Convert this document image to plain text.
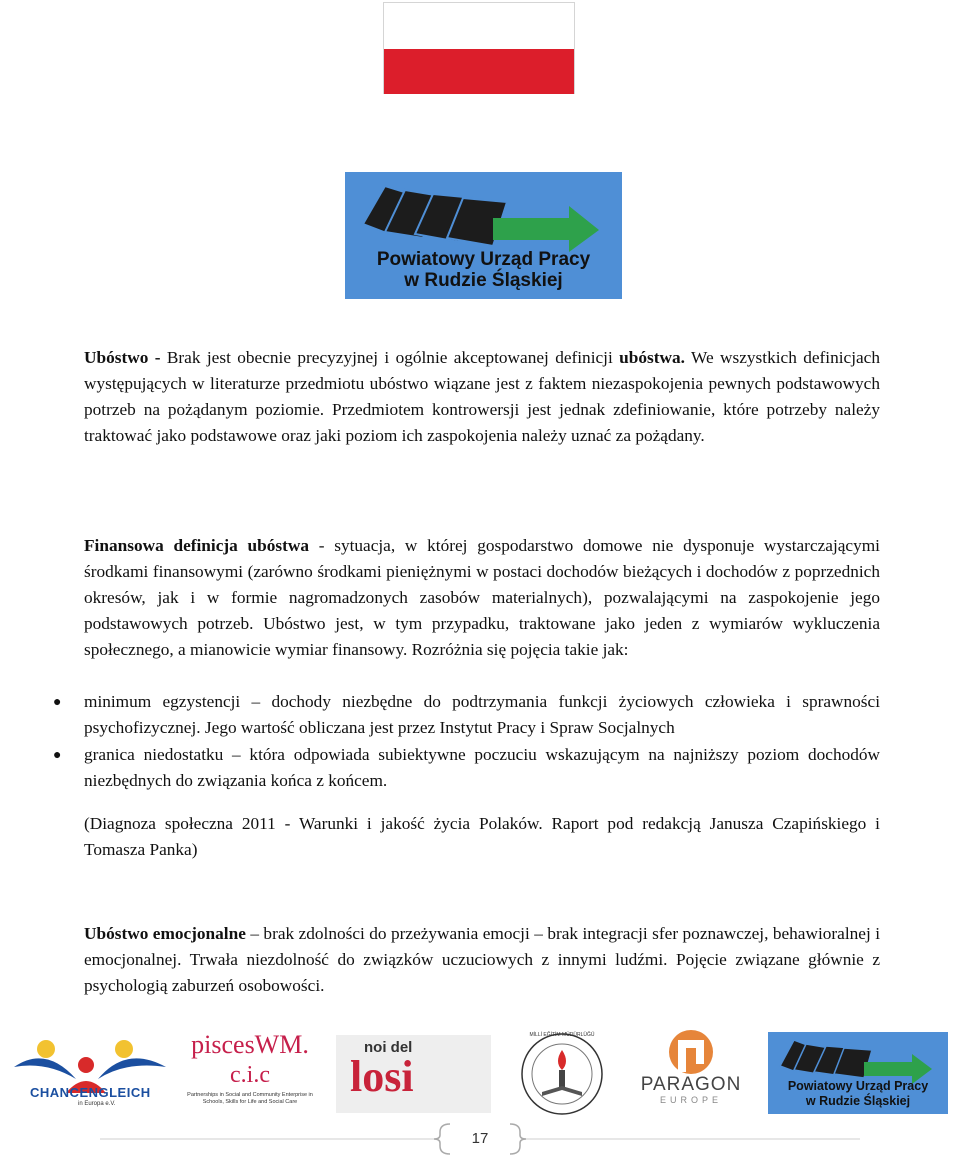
Powiatowy Urząd Pracy
w Rudzie Śląskiej
Ubóstwo - Brak jest obecnie precyzyjnej i ogólnie akceptowanej definicji ubóstwa. We wszystkich definicjach występujących w literaturze przedmiotu ubóstwo wiązane jest z faktem niezaspokojenia pewnych podstawowych potrzeb na pożądanym poziomie. Przedmiotem kontrowersji jest jednak zdefiniowanie, które potrzeby należy traktować jako podstawowe oraz jaki poziom ich zaspokojenia należy uznać za pożądany.
Finansowa definicja ubóstwa - sytuacja, w której gospodarstwo domowe nie dysponuje wystarczającymi środkami finansowymi (zarówno środkami pieniężnymi w postaci dochodów bieżących i dochodów z poprzednich okresów, jak i w formie nagromadzonych zasobów materialnych), pozwalającymi na zaspokojenie jego podstawowych potrzeb. Ubóstwo jest, w tym przypadku, traktowane jako jeden z wymiarów wykluczenia społecznego, a mianowicie wymiar finansowy. Rozróżnia się pojęcia takie jak:
● minimum egzystencji – dochody niezbędne do podtrzymania funkcji życiowych człowieka i sprawności psychofizycznej. Jego wartość obliczana jest przez Instytut Pracy i Spraw Socjalnych
● granica niedostatku – która odpowiada subiektywne poczuciu wskazującym na najniższy poziom dochodów niezbędnych do związania końca z końcem.
(Diagnoza społeczna 2011 - Warunki i jakość życia Polaków. Raport pod redakcją Janusza Czapińskiego i Tomasza Panka)
Ubóstwo emocjonalne – brak zdolności do przeżywania emocji – brak integracji sfer poznawczej, behawioralnej i emocjonalnej. Trwała niezdolność do związków uczuciowych z innymi ludźmi. Pojęcie związane głównie z psychologią zaburzeń osobowości.
CHANCENGLEICH
in Europa e.V.
piscesWM.
c.i.c
Partnerships in Social and Community Enterprise in Schools, Skills for Life and Social Care
noi del
losi
MİLLİ EĞİTİM MÜDÜRLÜĞÜ
PARAGON
EUROPE
Powiatowy Urząd Pracy
w Rudzie Śląskiej
17
